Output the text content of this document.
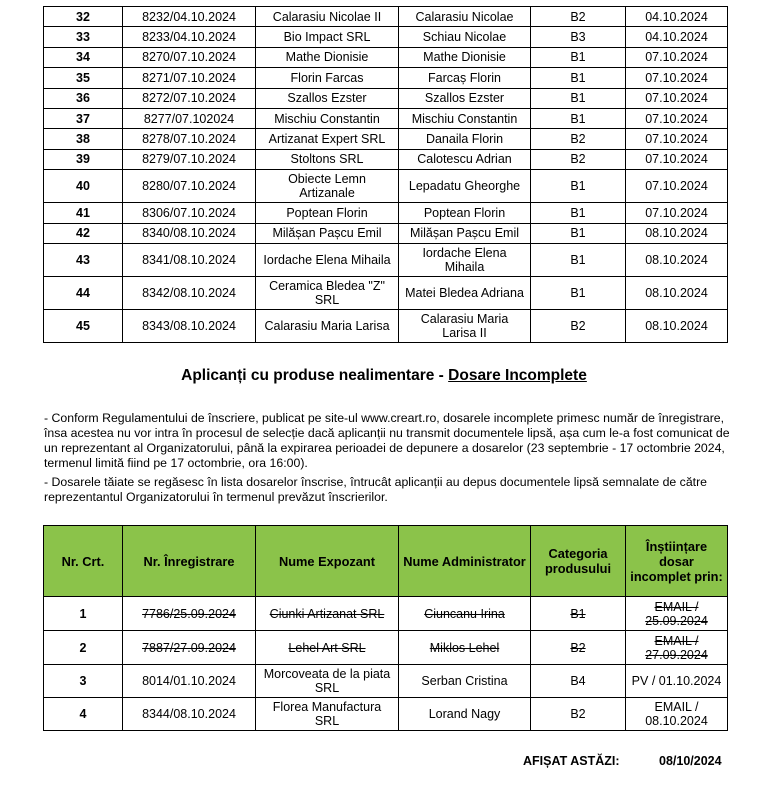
32	8232/04.10.2024	Calarasiu Nicolae II	Calarasiu Nicolae	B2	04.10.2024
33	8233/04.10.2024	Bio Impact SRL	Schiau Nicolae	B3	04.10.2024
34	8270/07.10.2024	Mathe Dionisie	Mathe Dionisie	B1	07.10.2024
35	8271/07.10.2024	Florin Farcas	Farcaș Florin	B1	07.10.2024
36	8272/07.10.2024	Szallos Ezster	Szallos Ezster	B1	07.10.2024
37	8277/07.102024	Mischiu Constantin	Mischiu Constantin	B1	07.10.2024
38	8278/07.10.2024	Artizanat Expert SRL	Danaila Florin	B2	07.10.2024
39	8279/07.10.2024	Stoltons SRL	Calotescu Adrian	B2	07.10.2024
40	8280/07.10.2024	Obiecte Lemn Artizanale	Lepadatu Gheorghe	B1	07.10.2024
41	8306/07.10.2024	Poptean Florin	Poptean Florin	B1	07.10.2024
42	8340/08.10.2024	Milășan Pașcu Emil	Milășan Pașcu Emil	B1	08.10.2024
43	8341/08.10.2024	Iordache Elena Mihaila	Iordache Elena Mihaila	B1	08.10.2024
44	8342/08.10.2024	Ceramica Bledea "Z" SRL	Matei Bledea Adriana	B1	08.10.2024
45	8343/08.10.2024	Calarasiu Maria Larisa	Calarasiu Maria Larisa II	B2	08.10.2024
Aplicanți cu produse nealimentare - Dosare Incomplete

- Conform Regulamentului de înscriere, publicat pe site-ul www.creart.ro, dosarele incomplete primesc număr de înregistrare, însa acestea nu vor intra în procesul de selecție dacă aplicanții nu transmit documentele lipsă, așa cum le-a fost comunicat de un reprezentant al Organizatorului, până la expirarea perioadei de depunere a dosarelor (23 septembrie - 17 octombrie 2024, termenul limită fiind pe 17 octombrie, ora 16:00).

- Dosarele tăiate se regăsesc în lista dosarelor înscrise, întrucât aplicanții au depus documentele lipsă semnalate de către reprezentantul Organizatorului în termenul prevăzut înscrierilor.

Nr. Crt.	Nr. Înregistrare	Nume Expozant	Nume Administrator	Categoria produsului	Înștiințare dosar incomplet prin:
1	7786/25.09.2024	Ciunki Artizanat SRL	Ciuncanu Irina	B1	EMAIL / 25.09.2024
2	7887/27.09.2024	Lehel Art SRL	Miklos Lehel	B2	EMAIL / 27.09.2024
3	8014/01.10.2024	Morcoveata de la piata SRL	Serban Cristina	B4	PV / 01.10.2024
4	8344/08.10.2024	Florea Manufactura SRL	Lorand Nagy	B2	EMAIL / 08.10.2024
AFIȘAT ASTĂZI:	08/10/2024
